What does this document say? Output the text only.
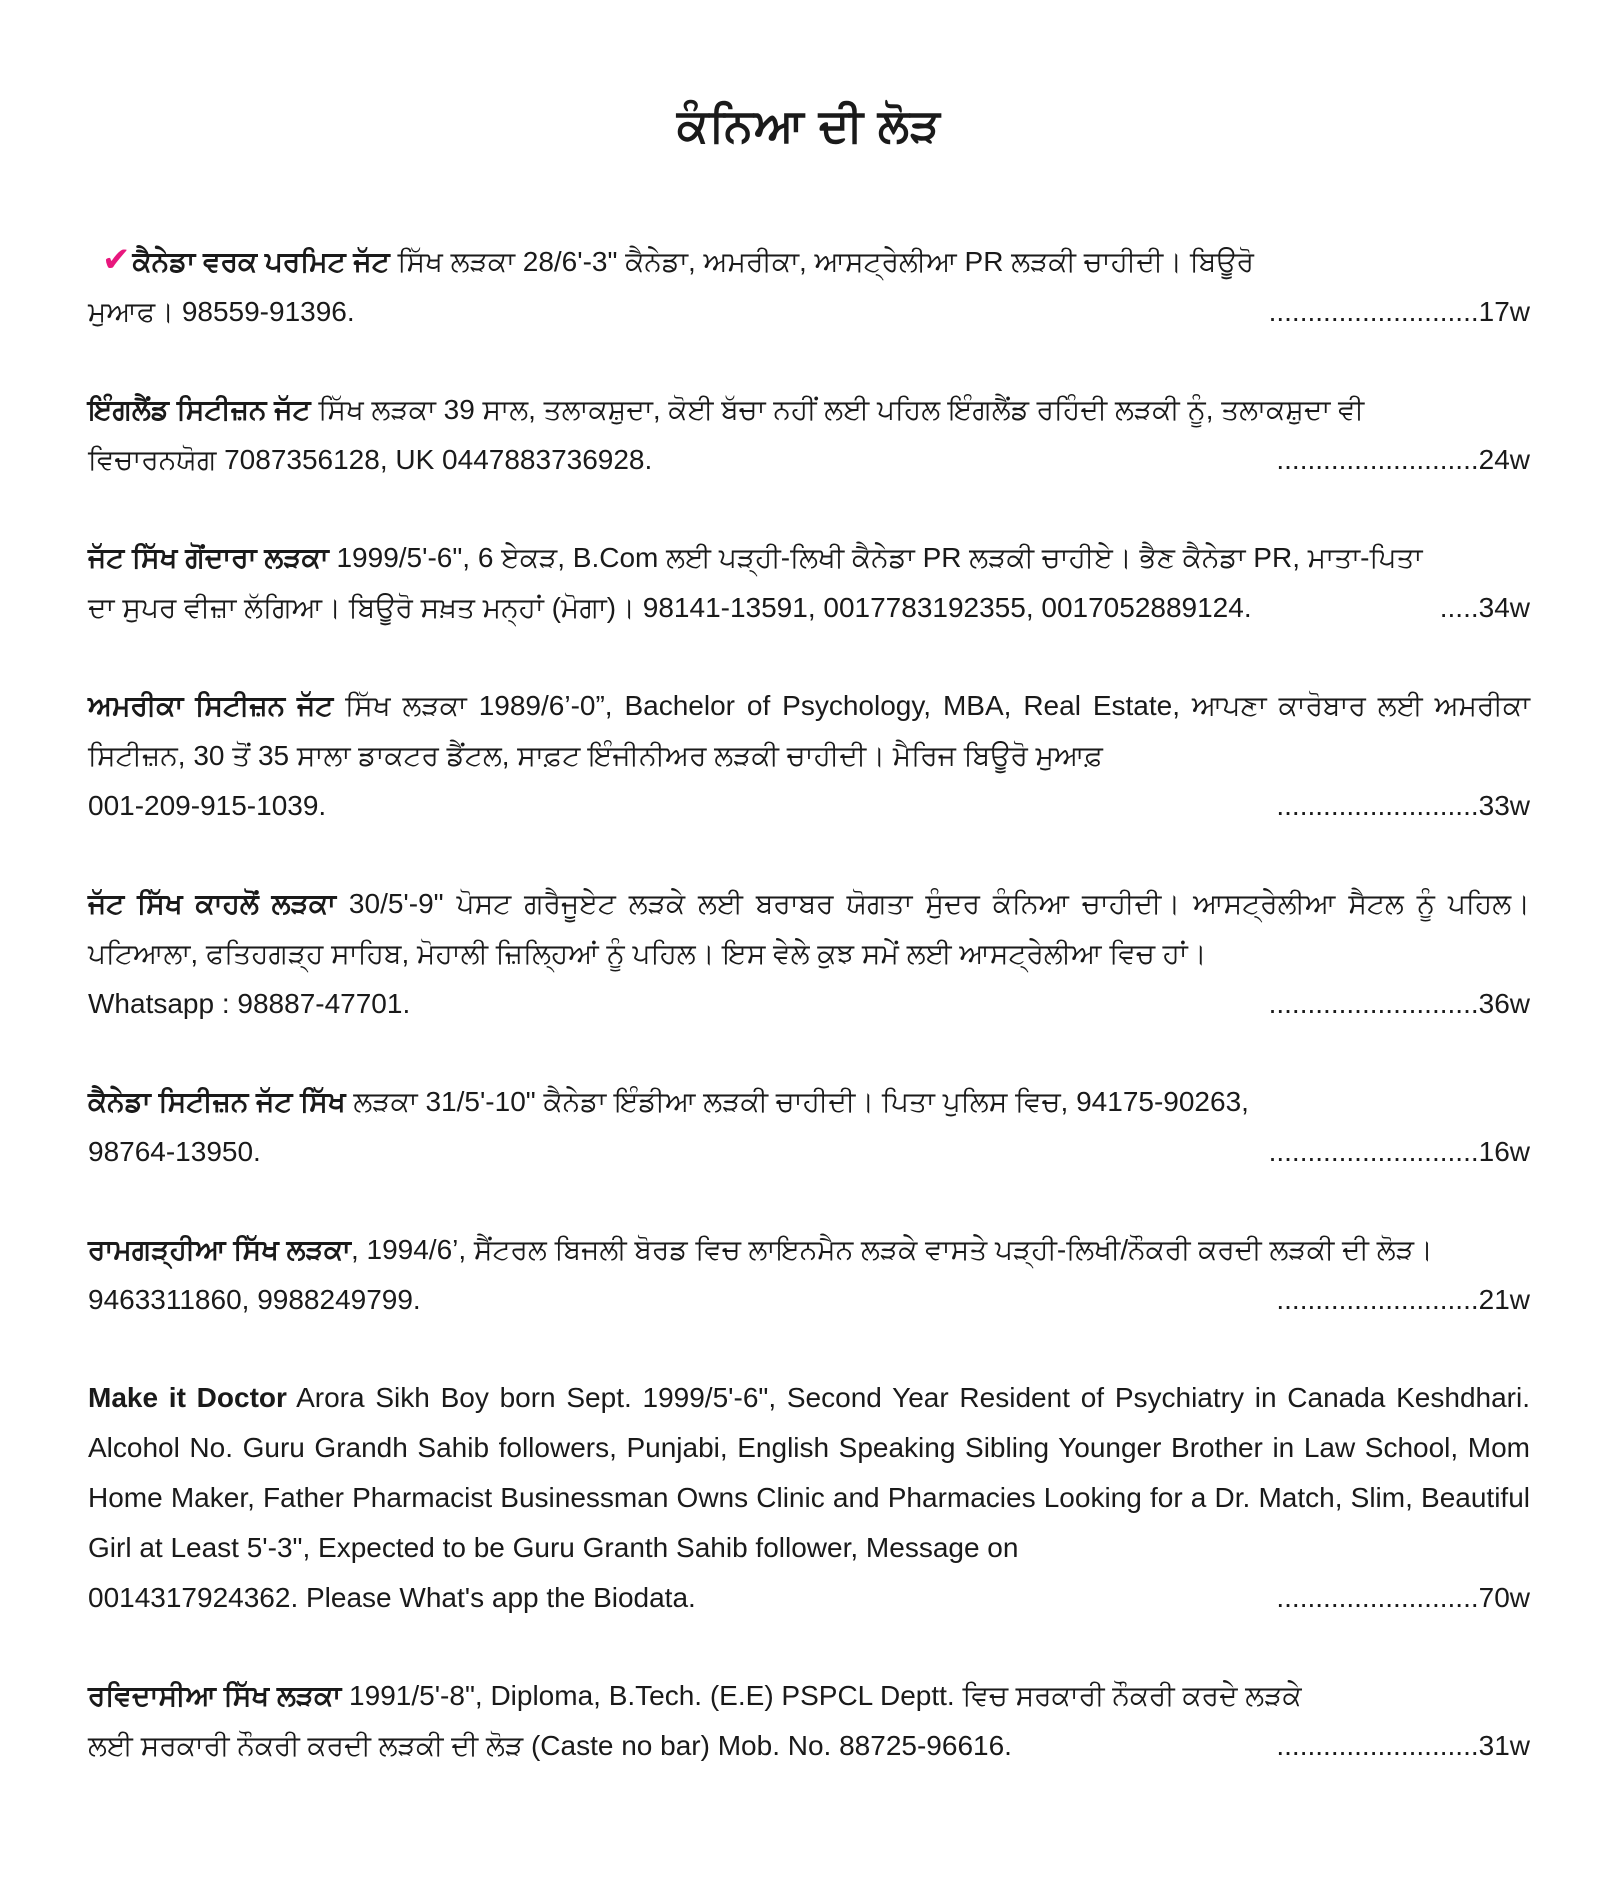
ਕੰਨਿਆ ਦੀ ਲੋੜ
✔ਕੈਨੇਡਾ ਵਰਕ ਪਰਮਿਟ ਜੱਟ ਸਿੱਖ ਲੜਕਾ 28/6'-3" ਕੈਨੇਡਾ, ਅਮਰੀਕਾ, ਆਸਟ੍ਰੇਲੀਆ PR ਲੜਕੀ ਚਾਹੀਦੀ। ਬਿਊਰੋ
ਮੁਆਫ। 98559-91396.	...........................17w
ਇੰਗਲੈਂਡ ਸਿਟੀਜ਼ਨ ਜੱਟ ਸਿੱਖ ਲੜਕਾ 39 ਸਾਲ, ਤਲਾਕਸ਼ੁਦਾ, ਕੋਈ ਬੱਚਾ ਨਹੀਂ ਲਈ ਪਹਿਲ ਇੰਗਲੈਂਡ ਰਹਿੰਦੀ ਲੜਕੀ ਨੂੰ, ਤਲਾਕਸ਼ੁਦਾ ਵੀ
ਵਿਚਾਰਨਯੋਗ 7087356128, UK 0447883736928.	..........................24w
ਜੱਟ ਸਿੱਖ ਗੋਂਦਾਰਾ ਲੜਕਾ 1999/5'-6", 6 ਏਕੜ, B.Com ਲਈ ਪੜ੍ਹੀ-ਲਿਖੀ ਕੈਨੇਡਾ PR ਲੜਕੀ ਚਾਹੀਏ। ਭੈਣ ਕੈਨੇਡਾ PR, ਮਾਤਾ-ਪਿਤਾ
ਦਾ ਸੁਪਰ ਵੀਜ਼ਾ ਲੱਗਿਆ। ਬਿਊਰੋ ਸਖ਼ਤ ਮਨ੍ਹਾਂ (ਮੋਗਾ)। 98141-13591, 0017783192355, 0017052889124.	.....34w
ਅਮਰੀਕਾ ਸਿਟੀਜ਼ਨ ਜੱਟ ਸਿੱਖ ਲੜਕਾ 1989/6’-0”, Bachelor of Psychology, MBA, Real Estate, ਆਪਣਾ ਕਾਰੋਬਾਰ ਲਈ ਅਮਰੀਕਾ ਸਿਟੀਜ਼ਨ, 30 ਤੋਂ 35 ਸਾਲਾ ਡਾਕਟਰ ਡੈਂਟਲ, ਸਾਫ਼ਟ ਇੰਜੀਨੀਅਰ ਲੜਕੀ ਚਾਹੀਦੀ। ਮੈਰਿਜ ਬਿਊਰੋ ਮੁਆਫ਼
001-209-915-1039.	..........................33w
ਜੱਟ ਸਿੱਖ ਕਾਹਲੋਂ ਲੜਕਾ 30/5'-9" ਪੋਸਟ ਗਰੈਜੂਏਟ ਲੜਕੇ ਲਈ ਬਰਾਬਰ ਯੋਗਤਾ ਸੁੰਦਰ ਕੰਨਿਆ ਚਾਹੀਦੀ। ਆਸਟ੍ਰੇਲੀਆ ਸੈਟਲ ਨੂੰ ਪਹਿਲ। ਪਟਿਆਲਾ, ਫਤਿਹਗੜ੍ਹ ਸਾਹਿਬ, ਮੋਹਾਲੀ ਜ਼ਿਲ੍ਹਿਆਂ ਨੂੰ ਪਹਿਲ। ਇਸ ਵੇਲੇ ਕੁਝ ਸਮੇਂ ਲਈ ਆਸਟ੍ਰੇਲੀਆ ਵਿਚ ਹਾਂ।
Whatsapp : 98887-47701.	...........................36w
ਕੈਨੇਡਾ ਸਿਟੀਜ਼ਨ ਜੱਟ ਸਿੱਖ ਲੜਕਾ 31/5'-10" ਕੈਨੇਡਾ ਇੰਡੀਆ ਲੜਕੀ ਚਾਹੀਦੀ। ਪਿਤਾ ਪੁਲਿਸ ਵਿਚ, 94175-90263,
98764-13950.	...........................16w
ਰਾਮਗੜ੍ਹੀਆ ਸਿੱਖ ਲੜਕਾ, 1994/6’, ਸੈਂਟਰਲ ਬਿਜਲੀ ਬੋਰਡ ਵਿਚ ਲਾਇਨਮੈਨ ਲੜਕੇ ਵਾਸਤੇ ਪੜ੍ਹੀ-ਲਿਖੀ/ਨੌਕਰੀ ਕਰਦੀ ਲੜਕੀ ਦੀ ਲੋੜ।
9463311860, 9988249799.	..........................21w
Make it Doctor Arora Sikh Boy born Sept. 1999/5'-6", Second Year Resident of Psychiatry in Canada Keshdhari. Alcohol No. Guru Grandh Sahib followers, Punjabi, English Speaking Sibling Younger Brother in Law School, Mom Home Maker, Father Pharmacist Businessman Owns Clinic and Pharmacies Looking for a Dr. Match, Slim, Beautiful Girl at Least 5'-3", Expected to be Guru Granth Sahib follower, Message on
0014317924362. Please What's app the Biodata.	..........................70w
ਰਵਿਦਾਸੀਆ ਸਿੱਖ ਲੜਕਾ 1991/5'-8", Diploma, B.Tech. (E.E) PSPCL Deptt. ਵਿਚ ਸਰਕਾਰੀ ਨੌਕਰੀ ਕਰਦੇ ਲੜਕੇ
ਲਈ ਸਰਕਾਰੀ ਨੌਕਰੀ ਕਰਦੀ ਲੜਕੀ ਦੀ ਲੋੜ (Caste no bar) Mob. No. 88725-96616.	..........................31w
